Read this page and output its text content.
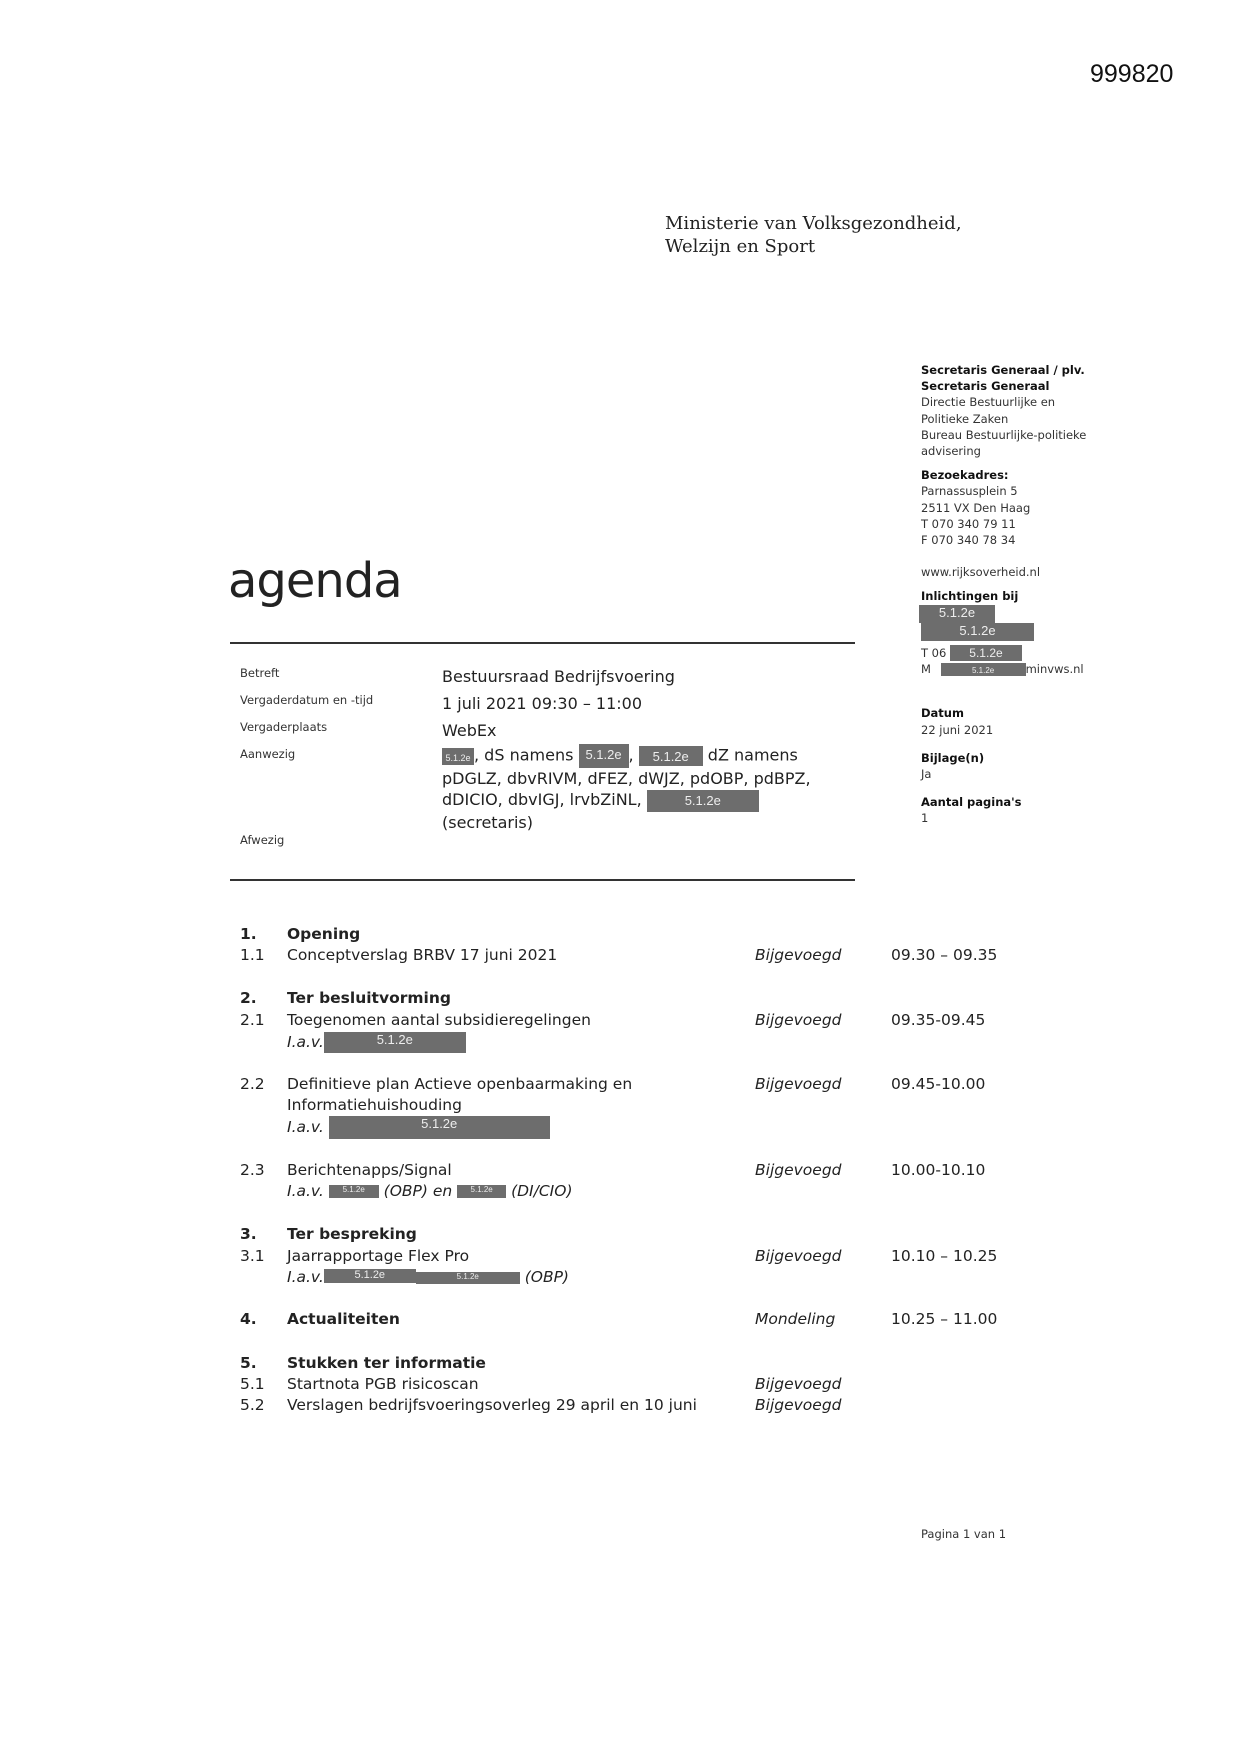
999820
Ministerie van Volksgezondheid,
Welzijn en Sport
Secretaris Generaal / plv.
Secretaris Generaal
Directie Bestuurlijke en
Politieke Zaken
Bureau Bestuurlijke-politieke
advisering
Bezoekadres:
Parnassusplein 5
2511 VX Den Haag
T 070 340 79 11
F 070 340 78 34
www.rijksoverheid.nl
Inlichtingen bij
5.1.2e
5.1.2e
T 06 5.1.2e
M	5.1.2e	minvws.nl
Datum
22 juni 2021
Bijlage(n)
Ja
Aantal pagina's
1
agenda
Betreft	Bestuursraad Bedrijfsvoering
Vergaderdatum en -tijd	1 juli 2021 09:30 – 11:00
Vergaderplaats	WebEx
Aanwezig	5.1.2e , dS namens 5.1.2e , 5.1.2e dZ namens
pDGLZ, dbvRIVM, dFEZ, dWJZ, pdOBP, pdBPZ,
dDICIO, dbvIGJ, lrvbZiNL,	5.1.2e
(secretaris)
Afwezig
1. Opening
1.1 Conceptverslag BRBV 17 juni 2021	Bijgevoegd	09.30 – 09.35
2. Ter besluitvorming
2.1 Toegenomen aantal subsidieregelingen	Bijgevoegd	09.35-09.45
I.a.v.	5.1.2e
2.2 Definitieve plan Actieve openbaarmaking en
Informatiehuishouding
Bijgevoegd	09.45-10.00
I.a.v.	5.1.2e
2.3 Berichtenapps/Signal	Bijgevoegd	10.00-10.10
I.a.v. 5.1.2e (OBP) en 5.1.2e (DI/CIO)
3. Ter bespreking
3.1 Jaarrapportage Flex Pro	Bijgevoegd	10.10 – 10.25
I.a.v.	5.1.2e	5.1.2e	(OBP)
4. Actualiteiten	Mondeling	10.25 – 11.00
5. Stukken ter informatie
5.1 Startnota PGB risicoscan	Bijgevoegd
5.2 Verslagen bedrijfsvoeringsoverleg 29 april en 10 juni	Bijgevoegd
Pagina 1 van 1
